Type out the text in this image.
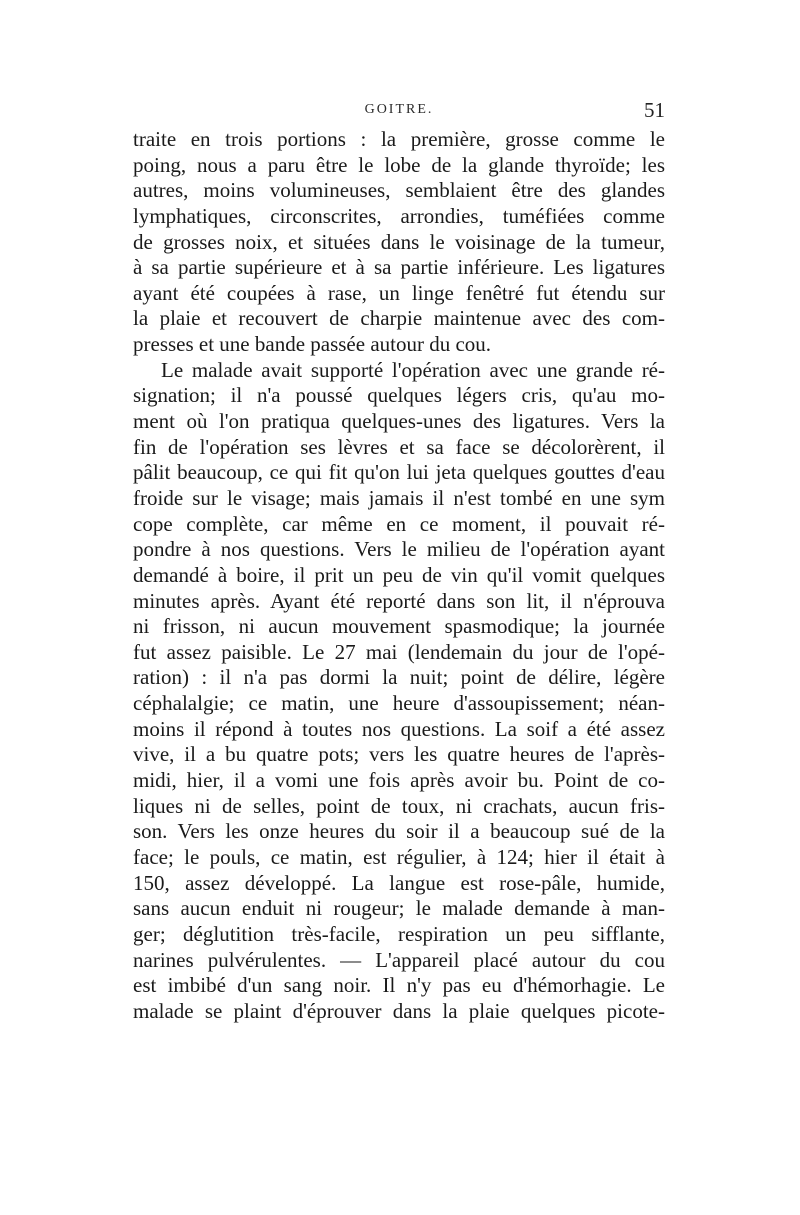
GOITRE.	51
traite en trois portions : la première, grosse comme le
poing, nous a paru être le lobe de la glande thyroïde; les
autres, moins volumineuses, semblaient être des glandes
lymphatiques, circonscrites, arrondies, tuméfiées comme
de grosses noix, et situées dans le voisinage de la tumeur,
à sa partie supérieure et à sa partie inférieure. Les ligatures
ayant été coupées à rase, un linge fenêtré fut étendu sur
la plaie et recouvert de charpie maintenue avec des com-
presses et une bande passée autour du cou.
Le malade avait supporté l'opération avec une grande ré-
signation; il n'a poussé quelques légers cris, qu'au mo-
ment où l'on pratiqua quelques-unes des ligatures. Vers la
fin de l'opération ses lèvres et sa face se décolorèrent, il
pâlit beaucoup, ce qui fit qu'on lui jeta quelques gouttes d'eau
froide sur le visage; mais jamais il n'est tombé en une sym
cope complète, car même en ce moment, il pouvait ré-
pondre à nos questions. Vers le milieu de l'opération ayant
demandé à boire, il prit un peu de vin qu'il vomit quelques
minutes après. Ayant été reporté dans son lit, il n'éprouva
ni frisson, ni aucun mouvement spasmodique; la journée
fut assez paisible. Le 27 mai (lendemain du jour de l'opé-
ration) : il n'a pas dormi la nuit; point de délire, légère
céphalalgie; ce matin, une heure d'assoupissement; néan-
moins il répond à toutes nos questions. La soif a été assez
vive, il a bu quatre pots; vers les quatre heures de l'après-
midi, hier, il a vomi une fois après avoir bu. Point de co-
liques ni de selles, point de toux, ni crachats, aucun fris-
son. Vers les onze heures du soir il a beaucoup sué de la
face; le pouls, ce matin, est régulier, à 124; hier il était à
150, assez développé. La langue est rose-pâle, humide,
sans aucun enduit ni rougeur; le malade demande à man-
ger; déglutition très-facile, respiration un peu sifflante,
narines pulvérulentes. — L'appareil placé autour du cou
est imbibé d'un sang noir. Il n'y pas eu d'hémorhagie. Le
malade se plaint d'éprouver dans la plaie quelques picote-
